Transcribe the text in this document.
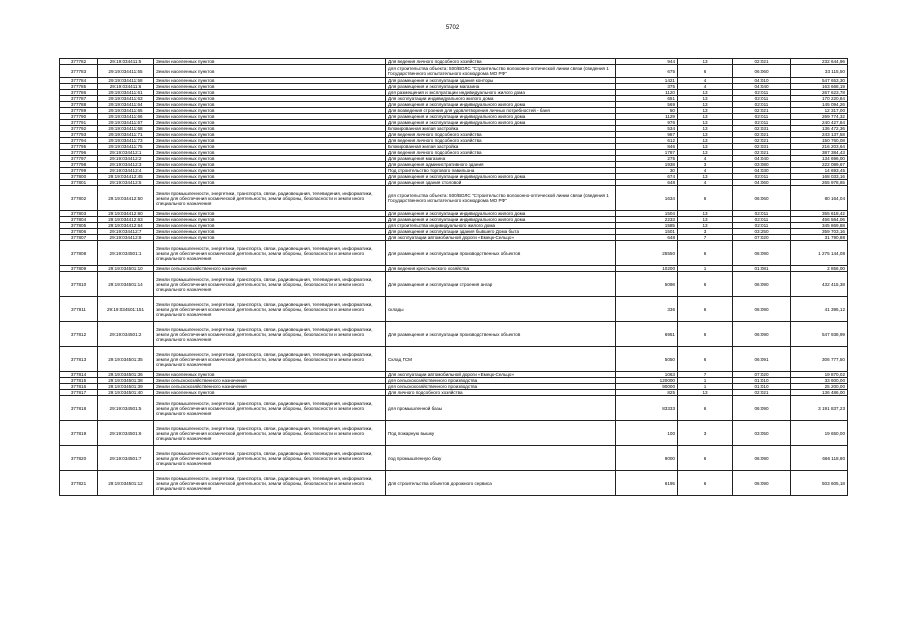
5702
377782	29:19:034411:5	Земли населенных пунктов	Для ведения личного подсобного хозяйства	944	13	02:021	232 644,96
377783	29:19:034411:55	Земли населенных пунктов	для строительства объекта: 500/ВОЛС "Строительство волоконно-оптической линии связи (сведения 1 Государственного испытательного космодрома МО РФ"	675	6	06:060	33 115,50
377784	29:19:034411:58	Земли населенных пунктов	Для размещения и эксплуатации здания конторы	1421	4	04:010	547 653,30
377785	29:19:034411:6	Земли населенных пунктов	Для размещения и эксплуатации магазина	375	4	04:040	163 668,19
377786	29:19:034411:61	Земли населенных пунктов	для размещения и эксплуатации индивидуального жилого дома	1120	13	02:011	267 623,78
377787	29:19:034411:63	Земли населенных пунктов	Для эксплуатации индивидуального жилого дома	651	13	02:011	170 220,84
377788	29:19:034411:64	Земли населенных пунктов	Для размещения и эксплуатации индивидуального жилого дома	569	13	02:011	145 094,26
377789	29:19:034411:65	Земли населенных пунктов	Для возведения строения для удовлетворения личных потребностей - баня	50	13	02:021	12 317,00
377790	29:19:034411:66	Земли населенных пунктов	Для размещения и эксплуатации индивидуального жилого дома	1129	13	02:011	269 774,32
377791	29:19:034411:67	Земли населенных пунктов	Для размещения и эксплуатации индивидуального жилого дома	976	13	02:011	240 427,84
377792	29:19:034411:68	Земли населенных пунктов	Блокированная жилая застройка	534	13	02:031	136 472,36
377793	29:19:034411:71	Земли населенных пунктов	Для ведения личного подсобного хозяйства	987	13	02:021	243 137,58
377794	29:19:034411:73	Земли населенных пунктов	Для ведения личного подсобного хозяйства	612	13	02:021	150 760,08
377795	29:19:034411:75	Земли населенных пунктов	Блокированная жилая застройка	846	13	02:031	216 203,64
377796	29:19:034412:1	Земли населенных пунктов	Для ведения личного подсобного хозяйства	1787	13	02:021	387 384,43
377797	29:19:034412:2	Земли населенных пунктов	Для размещения магазина	275	4	04:040	134 696,00
377798	29:19:034412:3	Земли населенных пунктов	Для размещения административного здания	1938	3	03:080	222 089,67
377799	29:19:034412:4	Земли населенных пунктов	Под строительство торгового павильона	30	4	04:030	14 693,45
377800	29:19:034412:45	Земли населенных пунктов	Для размещения и эксплуатации индивидуального жилого дома	674	13	02:011	168 033,16
377801	29:19:034412:5	Земли населенных пунктов	Для размещения здания столовой	648	4	04:060	265 978,65
377802	29:19:034412:50	Земли промышленности, энергетики, транспорта, связи, радиовещания, телевидения, информатики, земли для обеспечения космической деятельности, земли обороны, безопасности и земли иного специального назначения	для строительства объекта: 500/ВОЛС "Строительство волоконно-оптической линии связи (сведения 1 Государственного испытательного космодрома МО РФ"	1634	6	06:060	80 164,04
377803	29:19:034412:60	Земли населенных пунктов	Для размещения и эксплуатации индивидуального жилого дома	1504	13	02:011	355 618,42
377804	29:19:034412:63	Земли населенных пунктов	Для размещения и эксплуатации индивидуального жилого дома	2233	13	02:011	456 564,06
377805	29:19:034412:64	Земли населенных пунктов	для строительства индивидуального жилого дома	1585	13	02:011	345 869,88
377806	29:19:034412:7	Земли населенных пунктов	Для размещения и эксплуатации здания бывшего Дома быта	1501	3	03:250	359 703,16
377807	29:19:034412:8	Земли населенных пунктов	Для эксплуатации автомобильной дороги «Емецк-Сельцо»	648	7	07:020	31 790,88
377808	29:19:034501:1	Земли промышленности, энергетики, транспорта, связи, радиовещания, телевидения, информатики, земли для обеспечения космической деятельности, земли обороны, безопасности и земли иного специального назначения	Для размещения и эксплуатации производственных объектов	25550	6	06:090	1 275 144,08
377809	29:19:034501:10	Земли сельскохозяйственного назначения	Для ведения крестьянского хозяйства	10200	1	01:081	2 856,00
377810	29:19:034501:14	Земли промышленности, энергетики, транспорта, связи, радиовещания, телевидения, информатики, земли для обеспечения космической деятельности, земли обороны, безопасности и земли иного специального назначения	Для размещения и эксплуатации строения ангар	5098	6	06:090	432 415,38
377811	29:19:034501:151	Земли промышленности, энергетики, транспорта, связи, радиовещания, телевидения, информатики, земли для обеспечения космической деятельности, земли обороны, безопасности и земли иного специального назначения	склады	336	6	06:090	41 395,12
377812	29:19:034501:2	Земли промышленности, энергетики, транспорта, связи, радиовещания, телевидения, информатики, земли для обеспечения космической деятельности, земли обороны, безопасности и земли иного специального назначения	Для размещения и эксплуатации производственных объектов	6951	6	06:090	547 938,99
377813	29:19:034501:35	Земли промышленности, энергетики, транспорта, связи, радиовещания, телевидения, информатики, земли для обеспечения космической деятельности, земли обороны, безопасности и земли иного специального назначения	Склад ГСМ	5050	6	06:091	306 777,50
377814	29:19:034501:36	Земли населенных пунктов	Для эксплуатации автомобильной дороги «Емецк-Сельцо»	1063	7	07:020	19 870,02
377815	29:19:034501:38	Земли сельскохозяйственного назначения	для сельскохозяйственного производства	120000	1	01:010	33 600,00
377816	29:19:034501:39	Земли сельскохозяйственного назначения	для сельскохозяйственного производства	90000	1	01:010	25 200,00
377817	29:19:034501:40	Земли населенных пунктов	Для личного подсобного хозяйства	825	13	02:021	136 486,00
377818	29:19:034501:5	Земли промышленности, энергетики, транспорта, связи, радиовещания, телевидения, информатики, земли для обеспечения космической деятельности, земли обороны, безопасности и земли иного специального назначения	для промышленной базы	83333	6	06:090	3 191 837,23
377819	29:19:034501:6	Земли промышленности, энергетики, транспорта, связи, радиовещания, телевидения, информатики, земли для обеспечения космической деятельности, земли обороны, безопасности и земли иного специального назначения	Под пожарную вышку	100	3	03:050	19 650,00
377820	29:19:034501:7	Земли промышленности, энергетики, транспорта, связи, радиовещания, телевидения, информатики, земли для обеспечения космической деятельности, земли обороны, безопасности и земли иного специального назначения	под промышленную базу	9000	6	06:090	666 118,80
377821	29:19:034501:12	Земли промышленности, энергетики, транспорта, связи, радиовещания, телевидения, информатики, земли для обеспечения космической деятельности, земли обороны, безопасности и земли иного специального назначения	Для строительства объектов дорожного сервиса	6195	6	06:090	503 605,18
